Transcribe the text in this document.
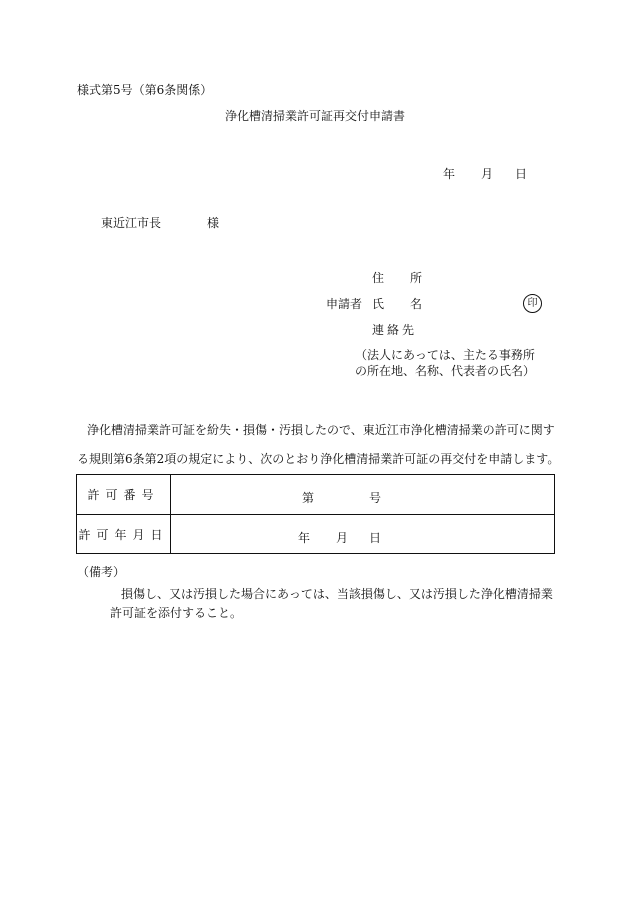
様式第5号（第6条関係）
浄化槽清掃業許可証再交付申請書
年 月 日
東近江市長	様
住 所
申請者 氏 名	印
連絡先
（法人にあっては、主たる事務所
の所在地、名称、代表者の氏名）
浄化槽清掃業許可証を紛失・損傷・汚損したので、東近江市浄化槽清掃業の許可に関す
る規則第6条第2項の規定により、次のとおり浄化槽清掃業許可証の再交付を申請します。
許可番号	第	号
許可年月日	年 月 日
（備考）
損傷し、又は汚損した場合にあっては、当該損傷し、又は汚損した浄化槽清掃業
許可証を添付すること。
